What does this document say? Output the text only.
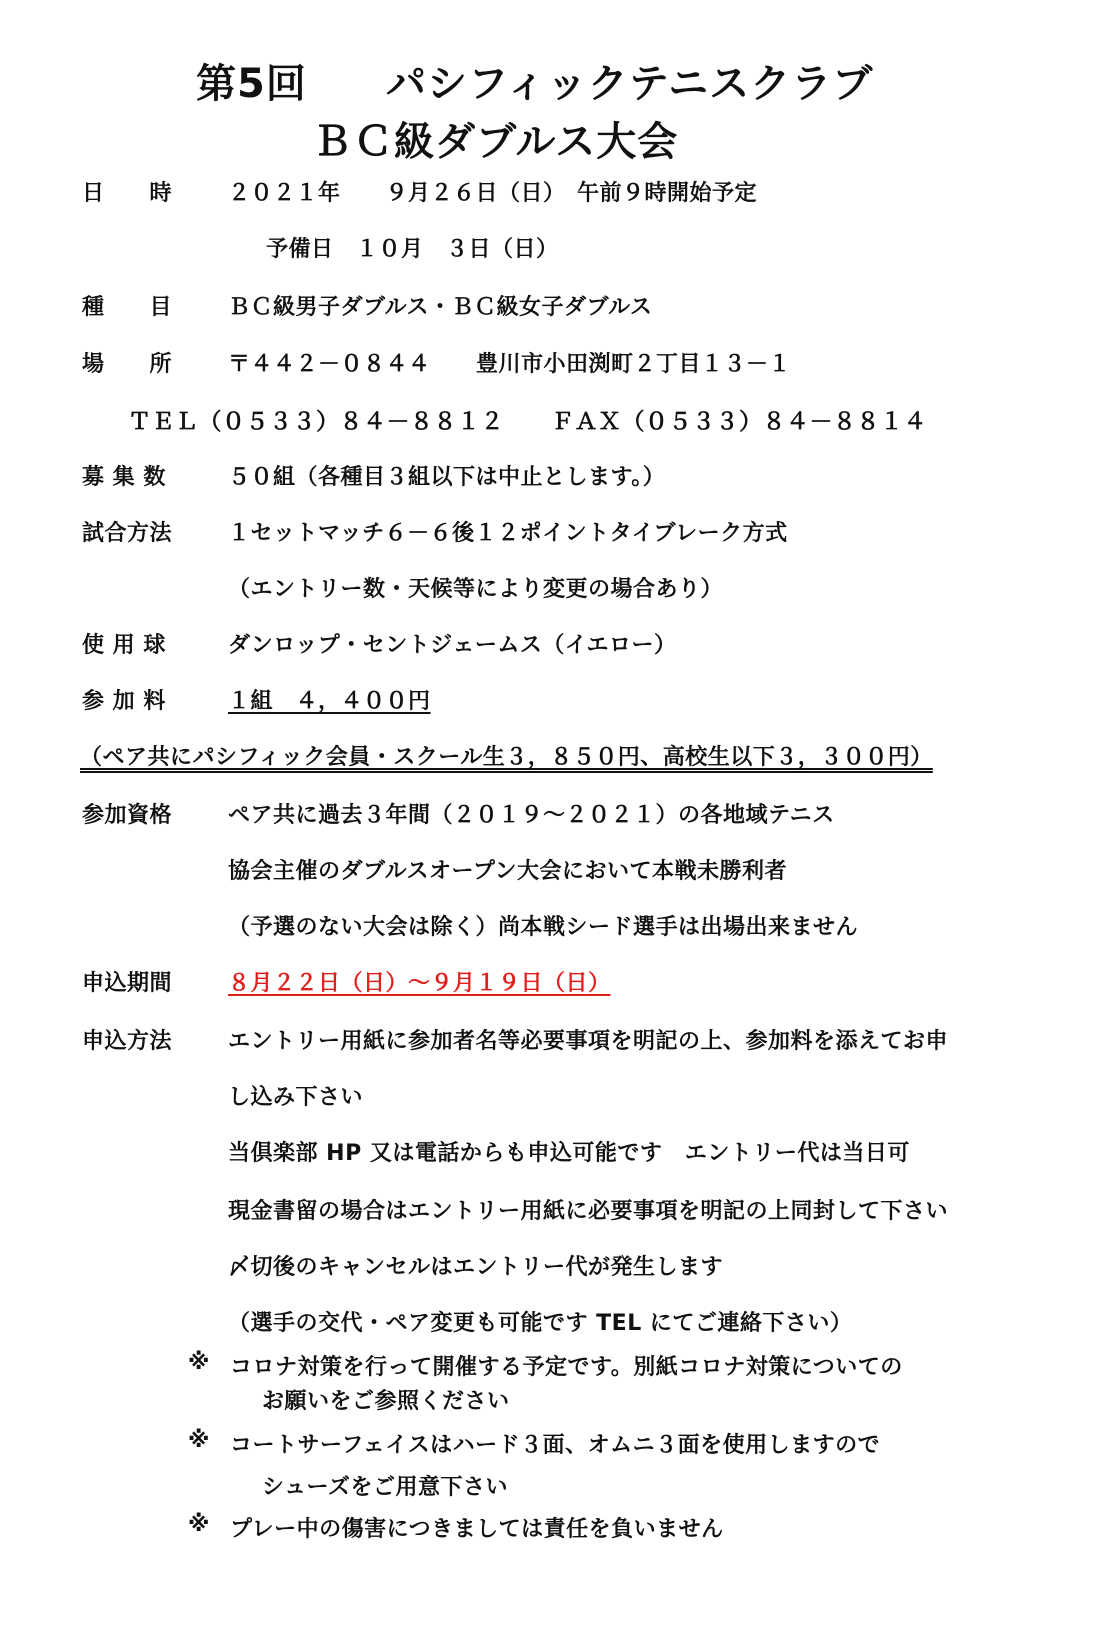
第5回 パシフィックテニスクラブ
ＢＣ級ダブルス大会
日　　時	２０２１年　　９月２６日（日）　午前９時開始予定
予備日　１０月　３日（日）
種　　目	ＢＣ級男子ダブルス・ＢＣ級女子ダブルス
場　　所	〒４４２－０８４４ 豊川市小田渕町２丁目１３－１
ＴＥＬ（０５３３）８４－８８１２　　ＦＡＸ（０５３３）８４－８８１４
募 集 数	５０組（各種目３組以下は中止とします。）
試合方法	１セットマッチ６－６後１２ポイントタイブレーク方式
（エントリー数・天候等により変更の場合あり）
使 用 球	ダンロップ・セントジェームス（イエロー）
参 加 料	１組　４，４００円
（ペア共にパシフィック会員・スクール生３，８５０円、高校生以下３，３００円）
参加資格	ペア共に過去３年間（２０１９～２０２１）の各地域テニス
協会主催のダブルスオープン大会において本戦未勝利者
（予選のない大会は除く）尚本戦シード選手は出場出来ません
申込期間	８月２２日（日）～９月１９日（日）
申込方法	エントリー用紙に参加者名等必要事項を明記の上、参加料を添えてお申
し込み下さい
当倶楽部 HP 又は電話からも申込可能です　エントリー代は当日可
現金書留の場合はエントリー用紙に必要事項を明記の上同封して下さい
〆切後のキャンセルはエントリー代が発生します
（選手の交代・ペア変更も可能です TEL にてご連絡下さい）
※ コロナ対策を行って開催する予定です。別紙コロナ対策についての
お願いをご参照ください
※ コートサーフェイスはハード３面、オムニ３面を使用しますので
シューズをご用意下さい
※ プレー中の傷害につきましては責任を負いません
